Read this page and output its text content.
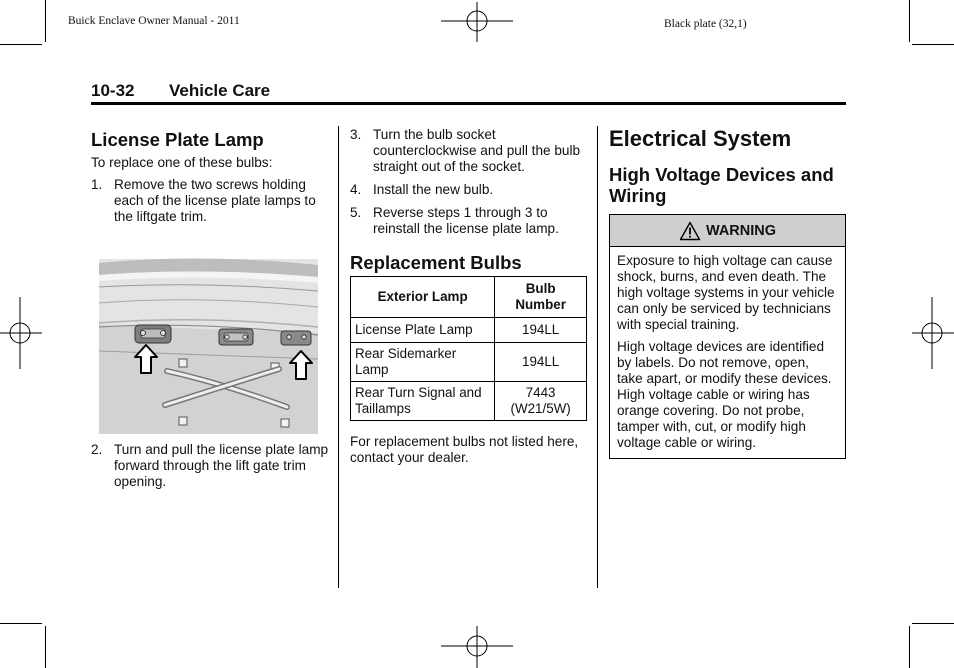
Buick Enclave Owner Manual - 2011	Black plate (32,1)
10-32 Vehicle Care
License Plate Lamp

To replace one of these bulbs:

1. Remove the two screws holding each of the license plate lamps to the liftgate trim.
2. Turn and pull the license plate lamp forward through the lift gate trim opening.
3. Turn the bulb socket counterclockwise and pull the bulb straight out of the socket.
4. Install the new bulb.
5. Reverse steps 1 through 3 to reinstall the license plate lamp.
Replacement Bulbs
Exterior Lamp	Bulb Number
License Plate Lamp	194LL
Rear Sidemarker Lamp	194LL
Rear Turn Signal and Taillamps	7443 (W21/5W)

For replacement bulbs not listed here, contact your dealer.

Electrical System
High Voltage Devices and Wiring
WARNING

Exposure to high voltage can cause shock, burns, and even death. The high voltage systems in your vehicle can only be serviced by technicians with special training.

High voltage devices are identified by labels. Do not remove, open, take apart, or modify these devices. High voltage cable or wiring has orange covering. Do not probe, tamper with, cut, or modify high voltage cable or wiring.
